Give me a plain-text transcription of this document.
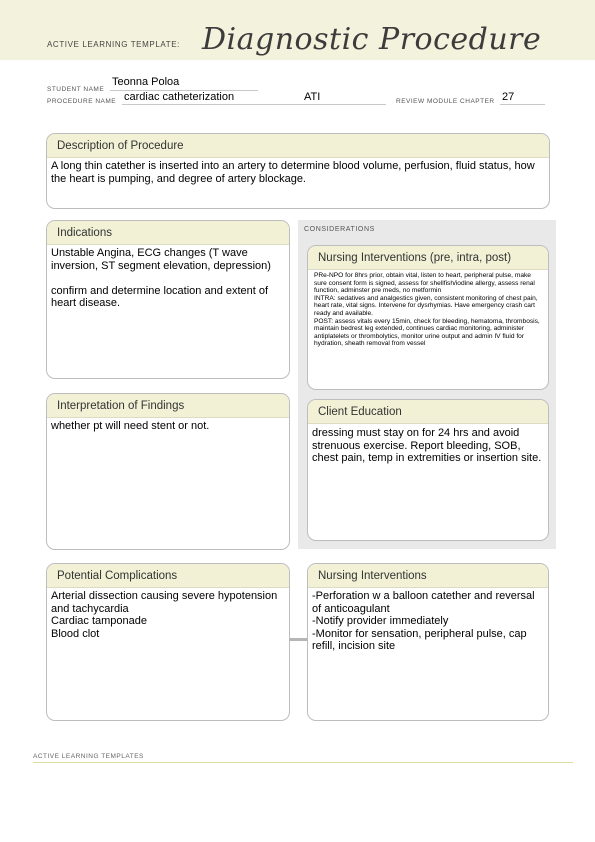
ACTIVE LEARNING TEMPLATE: Diagnostic Procedure
STUDENT NAME
Teonna Poloa
PROCEDURE NAME cardiac catheterization	ATI	REVIEW MODULE CHAPTER 27
Description of Procedure
A long thin catether is inserted into an artery to determine blood volume, perfusion, fluid status, how the heart is pumping, and degree of artery blockage.
Indications
Unstable Angina, ECG changes (T wave inversion, ST segment elevation, depression)

confirm and determine location and extent of heart disease.
CONSIDERATIONS
Nursing Interventions (pre, intra, post)
PRe-NPO for 8hrs prior, obtain vital, listen to heart, peripheral pulse, make sure consent form is signed, assess for shellfish/iodine allergy, assess renal function, adminster pre meds, no metformin
INTRA: sedatives and analgestics given, consistent monitoring of chest pain, heart rate, vital signs. Intervene for dysrhymias. Have emergency crash cart ready and available.
POST: assess vitals every 15min, check for bleeding, hematoma, thrombosis, maintain bedrest leg extended, continues cardiac monitoring, administer antiplatelets or thrombolytics, monitor urine output and admin IV fluid for hydration, sheath removal from vessel
Client Education
dressing must stay on for 24 hrs and avoid strenuous exercise. Report bleeding, SOB, chest pain, temp in extremities or insertion site.
Interpretation of Findings
whether pt will need stent or not.
Potential Complications
Arterial dissection causing severe hypotension and tachycardia
Cardiac tamponade
Blood clot
Nursing Interventions
-Perforation w a balloon catether and reversal of anticoagulant
-Notify provider immediately
-Monitor for sensation, peripheral pulse, cap refill, incision site
ACTIVE LEARNING TEMPLATES
